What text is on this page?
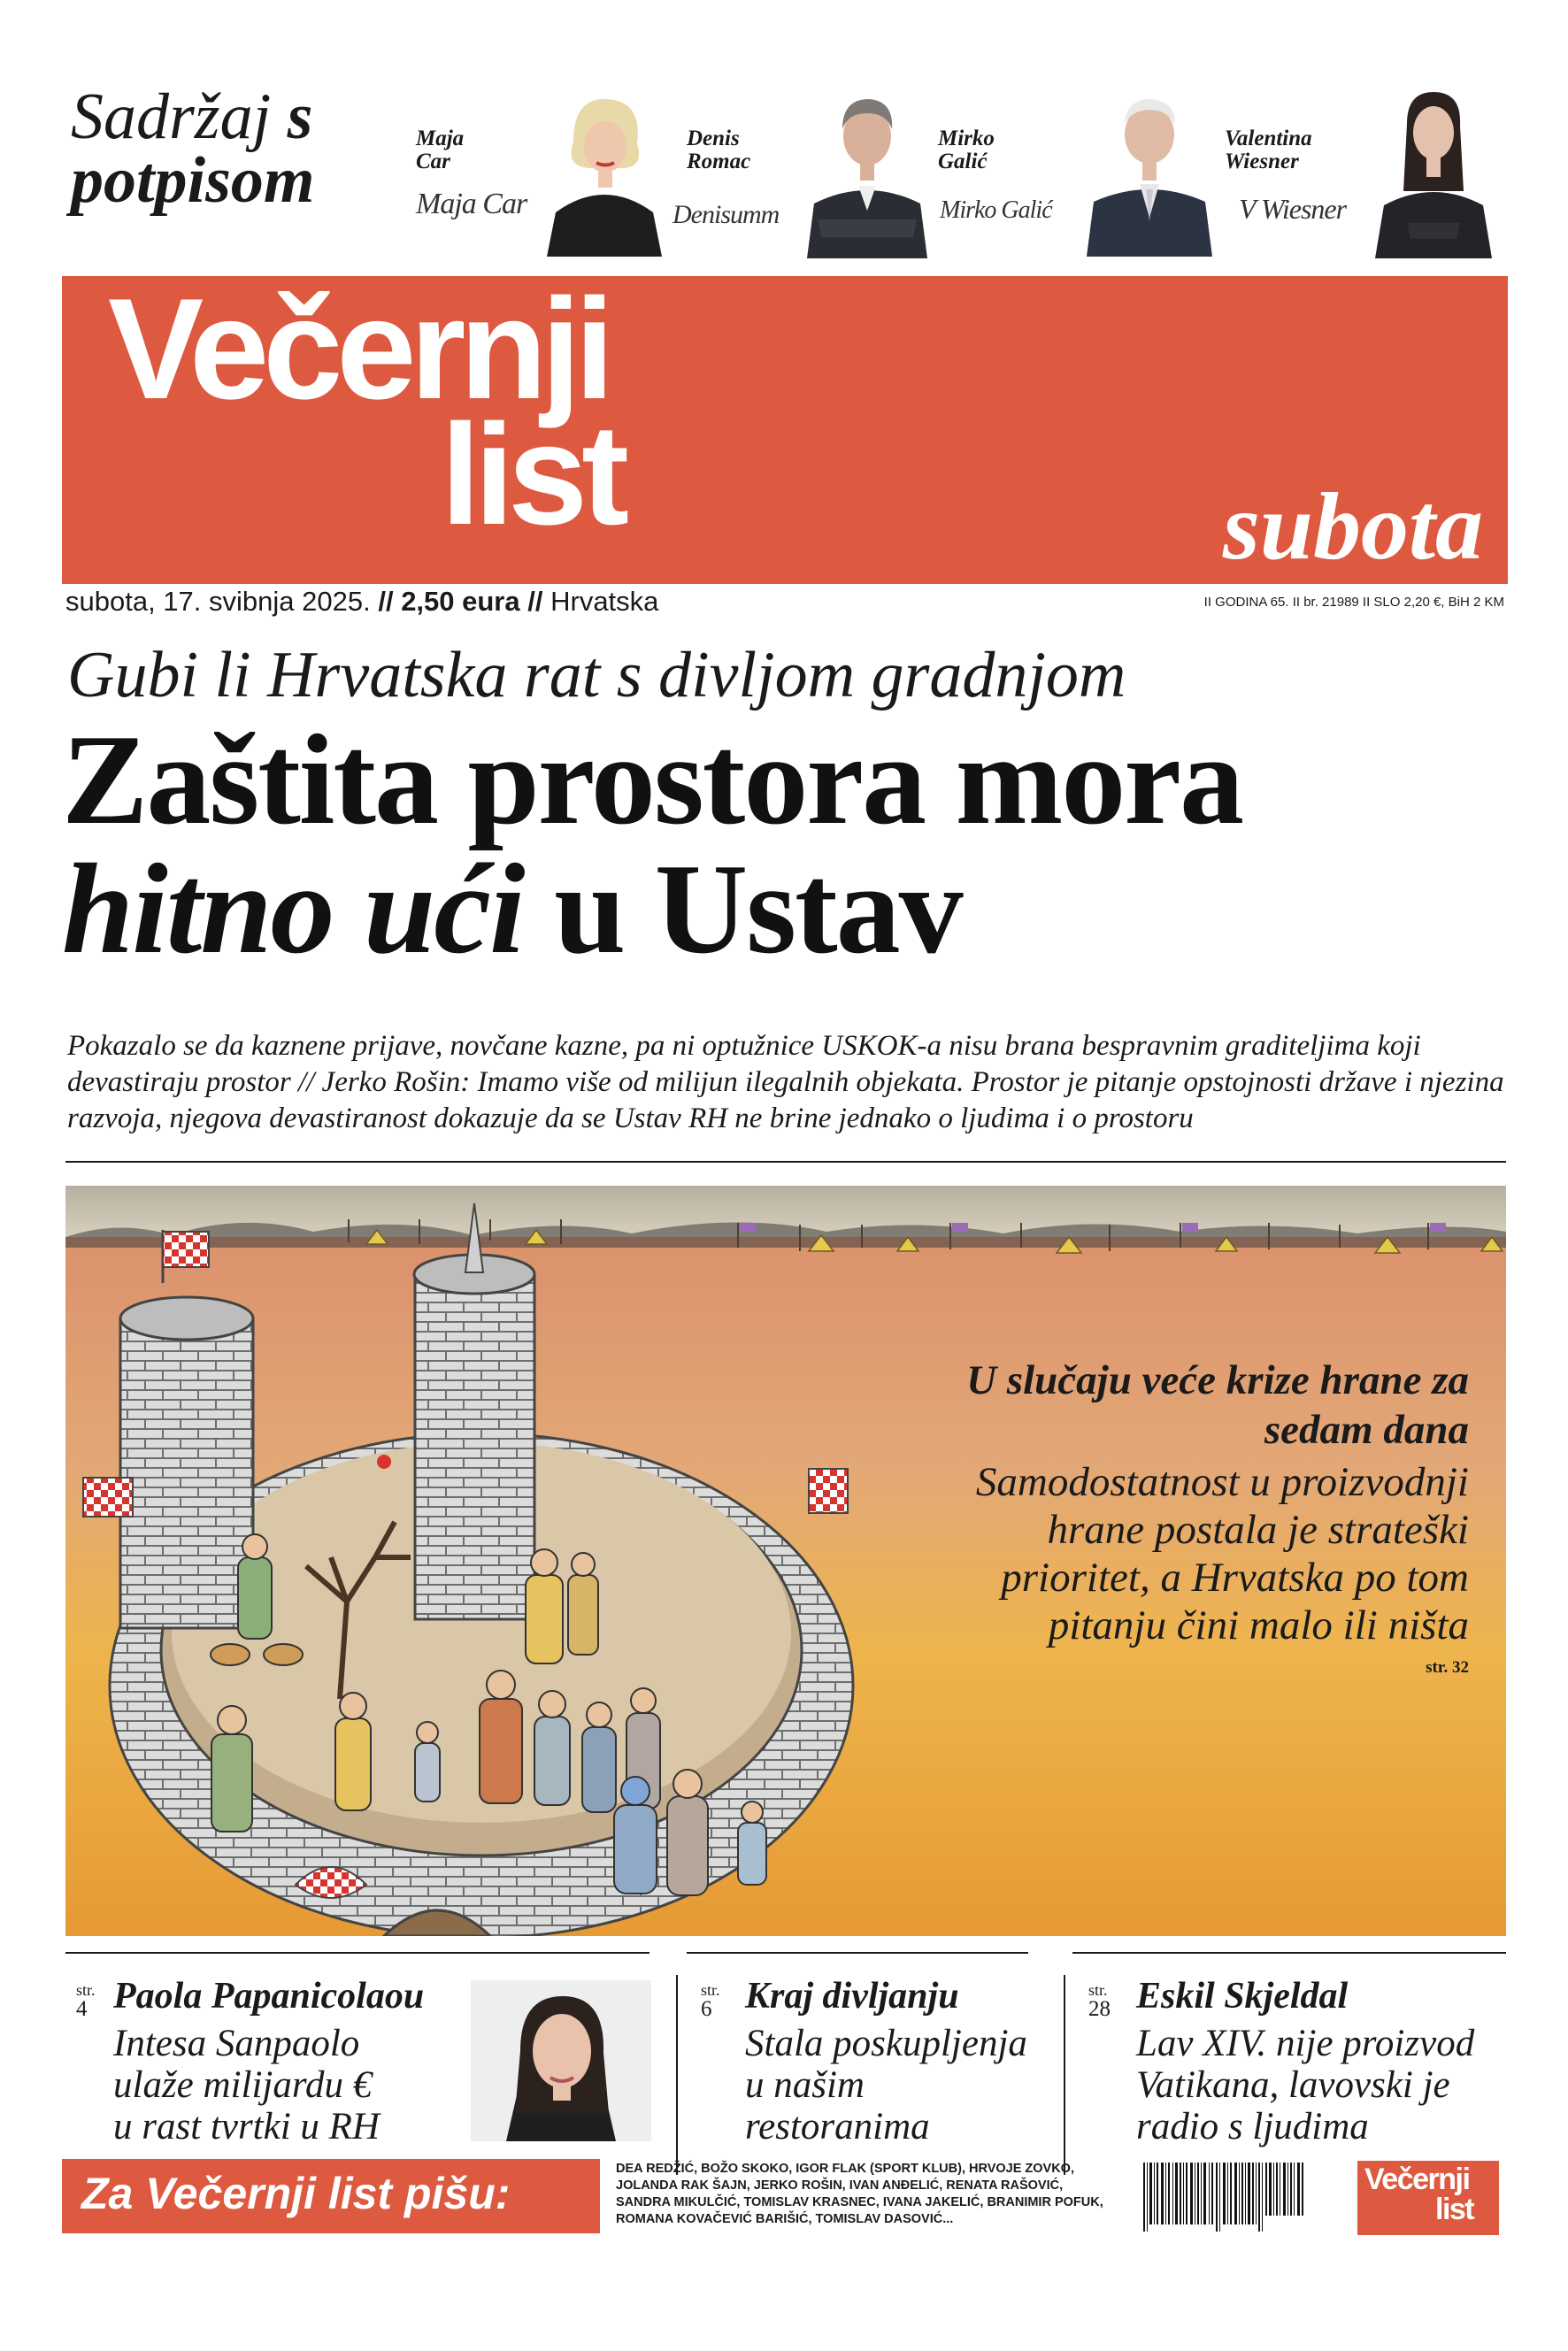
Sadržaj s
potpisom
Maja
Car
Maja Car
Denis
Romac
Denisumm
Mirko
Galić
Mirko Galić
Valentina
Wiesner
V Wiesner
Večernji
list	subota
subota, 17. svibnja 2025. // 2,50 eura // Hrvatska	II GODINA 65. II br. 21989 II SLO 2,20 €, BiH 2 KM
Gubi li Hrvatska rat s divljom gradnjom
Zaštita prostora mora
hitno ući u Ustav
Pokazalo se da kaznene prijave, novčane kazne, pa ni optužnice USKOK-a nisu brana bespravnim graditeljima koji devastiraju prostor // Jerko Rošin: Imamo više od milijun ilegalnih objekata. Prostor je pitanje opstojnosti države i njezina razvoja, njegova devastiranost dokazuje da se Ustav RH ne brine jednako o ljudima i o prostoru
U slučaju veće krize hrane za sedam dana
Samodostatnost u proizvodnji hrane postala je strateški prioritet, a Hrvatska po tom pitanju čini malo ili ništa
str. 32
str.
4 Paola Papanicolaou
Intesa Sanpaolo
ulaže milijardu €
u rast tvrtki u RH
str.
6 Kraj divljanju
Stala poskupljenja
u našim
restoranima
str.
28 Eskil Skjeldal
Lav XIV. nije proizvod
Vatikana, lavovski je
radio s ljudima
Za Večernji list pišu:	DEA REDŽIĆ, BOŽO SKOKO, IGOR FLAK (SPORT KLUB), HRVOJE ZOVKO, JOLANDA RAK ŠAJN, JERKO ROŠIN, IVAN ANĐELIĆ, RENATA RAŠOVIĆ, SANDRA MIKULČIĆ, TOMISLAV KRASNEC, IVANA JAKELIĆ, BRANIMIR POFUK, ROMANA KOVAČEVIĆ BARIŠIĆ, TOMISLAV DASOVIĆ...
Večernji
list
